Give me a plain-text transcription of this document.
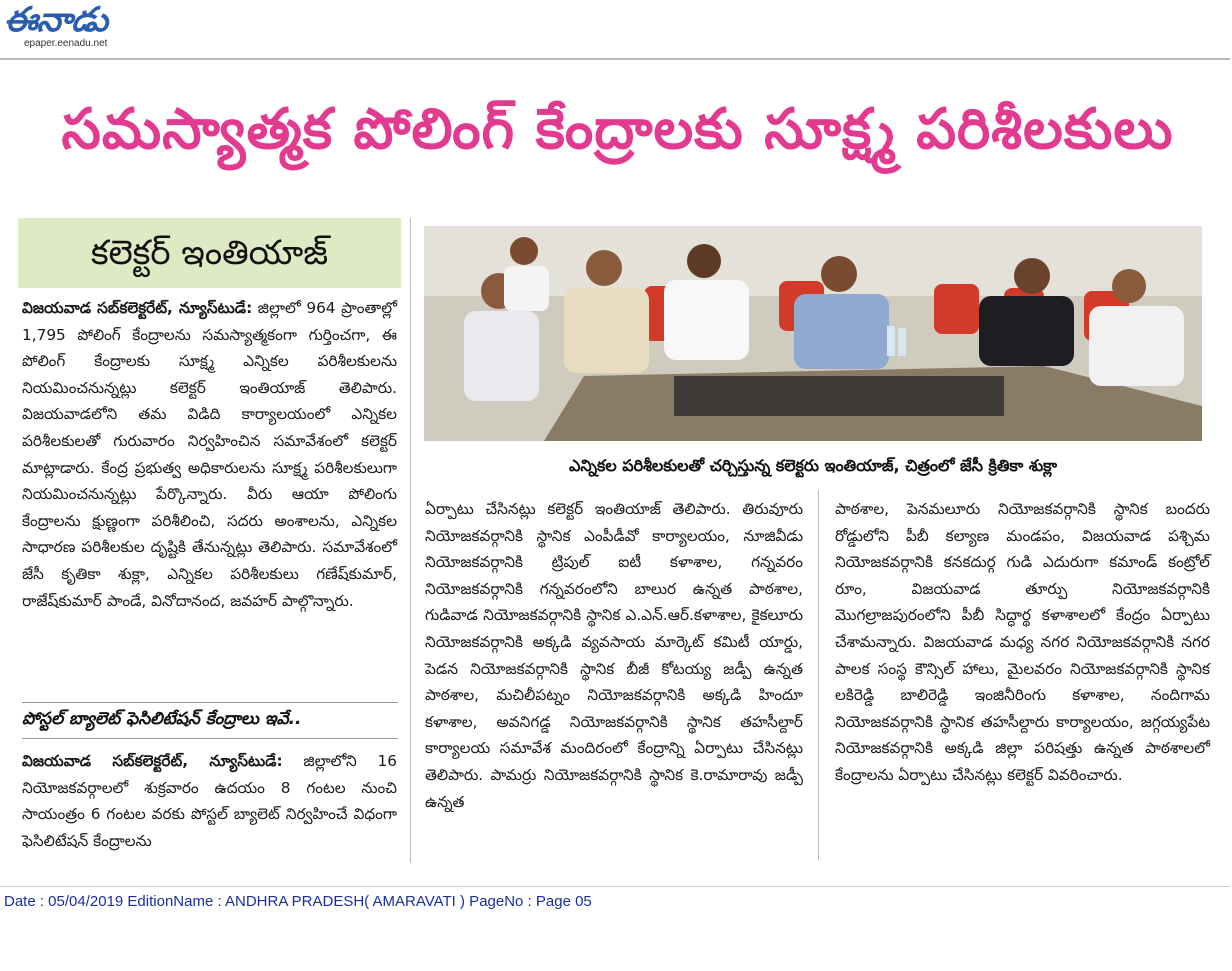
ఈనాడు
epaper.eenadu.net
సమస్యాత్మక పోలింగ్ కేంద్రాలకు సూక్ష్మ పరిశీలకులు
కలెక్టర్ ఇంతియాజ్

విజయవాడ సబ్‌కలెక్టరేట్, న్యూస్‌టుడే: జిల్లాలో 964 ప్రాంతాల్లో 1,795 పోలింగ్ కేంద్రాలను సమస్యాత్మకంగా గుర్తించగా, ఈ పోలింగ్ కేంద్రాలకు సూక్ష్మ ఎన్నికల పరిశీలకులను నియమించనున్నట్లు కలెక్టర్ ఇంతియాజ్ తెలిపారు. విజయవాడలోని తమ విడిది కార్యాలయంలో ఎన్నికల పరిశీలకులతో గురువారం నిర్వహించిన సమావేశంలో కలెక్టర్ మాట్లాడారు. కేంద్ర ప్రభుత్వ అధికారులను సూక్ష్మ పరిశీలకులుగా నియమించనున్నట్లు పేర్కొన్నారు. వీరు ఆయా పోలింగు కేంద్రాలను క్షుణ్ణంగా పరిశీలించి, సదరు అంశాలను, ఎన్నికల సాధారణ పరిశీలకుల దృష్టికి తేనున్నట్లు తెలిపారు. సమావేశంలో జేసీ కృతికా శుక్లా, ఎన్నికల పరిశీలకులు గణేష్‌కుమార్, రాజేష్‌కుమార్ పాండే, వినోదానంద, జవహర్ పాల్గొన్నారు.

పోస్టల్ బ్యాలెట్ ఫెసిలిటేషన్ కేంద్రాలు ఇవే..

విజయవాడ సబ్‌కలెక్టరేట్, న్యూస్‌టుడే: జిల్లాలోని 16 నియోజకవర్గాలలో శుక్రవారం ఉదయం 8 గంటల నుంచి సాయంత్రం 6 గంటల వరకు పోస్టల్ బ్యాలెట్ నిర్వహించే విధంగా ఫెసిలిటేషన్ కేంద్రాలను

ఎన్నికల పరిశీలకులతో చర్చిస్తున్న కలెక్టరు ఇంతియాజ్, చిత్రంలో జేసీ క్రితికా శుక్లా

ఏర్పాటు చేసినట్లు కలెక్టర్ ఇంతియాజ్ తెలిపారు. తిరువూరు నియోజకవర్గానికి స్థానిక ఎంపీడీవో కార్యాలయం, నూజివీడు నియోజకవర్గానికి ట్రిపుల్ ఐటీ కళాశాల, గన్నవరం నియోజకవర్గానికి గన్నవరంలోని బాలుర ఉన్నత పాఠశాల, గుడివాడ నియోజకవర్గానికి స్థానిక ఎ.ఎన్.ఆర్.కళాశాల, కైకలూరు నియోజకవర్గానికి అక్కడి వ్యవసాయ మార్కెట్ కమిటీ యార్డు, పెడన నియోజకవర్గానికి స్థానిక బీజీ కోటయ్య జడ్పీ ఉన్నత పాఠశాల, మచిలీపట్నం నియోజకవర్గానికి అక్కడి హిందూ కళాశాల, అవనిగడ్డ నియోజకవర్గానికి స్థానిక తహసీల్దార్ కార్యాలయ సమావేశ మందిరంలో కేంద్రాన్ని ఏర్పాటు చేసినట్లు తెలిపారు. పామర్రు నియోజకవర్గానికి స్థానిక కె.రామారావు జడ్పీ ఉన్నత

పాఠశాల, పెనమలూరు నియోజకవర్గానికి స్థానిక బందరు రోడ్డులోని పీబీ కల్యాణ మండపం, విజయవాడ పశ్చిమ నియోజకవర్గానికి కనకదుర్గ గుడి ఎదురుగా కమాండ్ కంట్రోల్ రూం, విజయవాడ తూర్పు నియోజకవర్గానికి మొగల్రాజపురంలోని పీబీ సిద్ధార్థ కళాశాలలో కేంద్రం ఏర్పాటు చేశామన్నారు. విజయవాడ మధ్య నగర నియోజకవర్గానికి నగర పాలక సంస్థ కౌన్సిల్ హాలు, మైలవరం నియోజకవర్గానికి స్థానిక లకిరెడ్డి బాలిరెడ్డి ఇంజినీరింగు కళాశాల, నందిగామ నియోజకవర్గానికి స్థానిక తహసీల్దారు కార్యాలయం, జగ్గయ్యపేట నియోజకవర్గానికి అక్కడి జిల్లా పరిషత్తు ఉన్నత పాఠశాలలో కేంద్రాలను ఏర్పాటు చేసినట్లు కలెక్టర్ వివరించారు.

Date : 05/04/2019 EditionName : ANDHRA PRADESH( AMARAVATI ) PageNo : Page 05
